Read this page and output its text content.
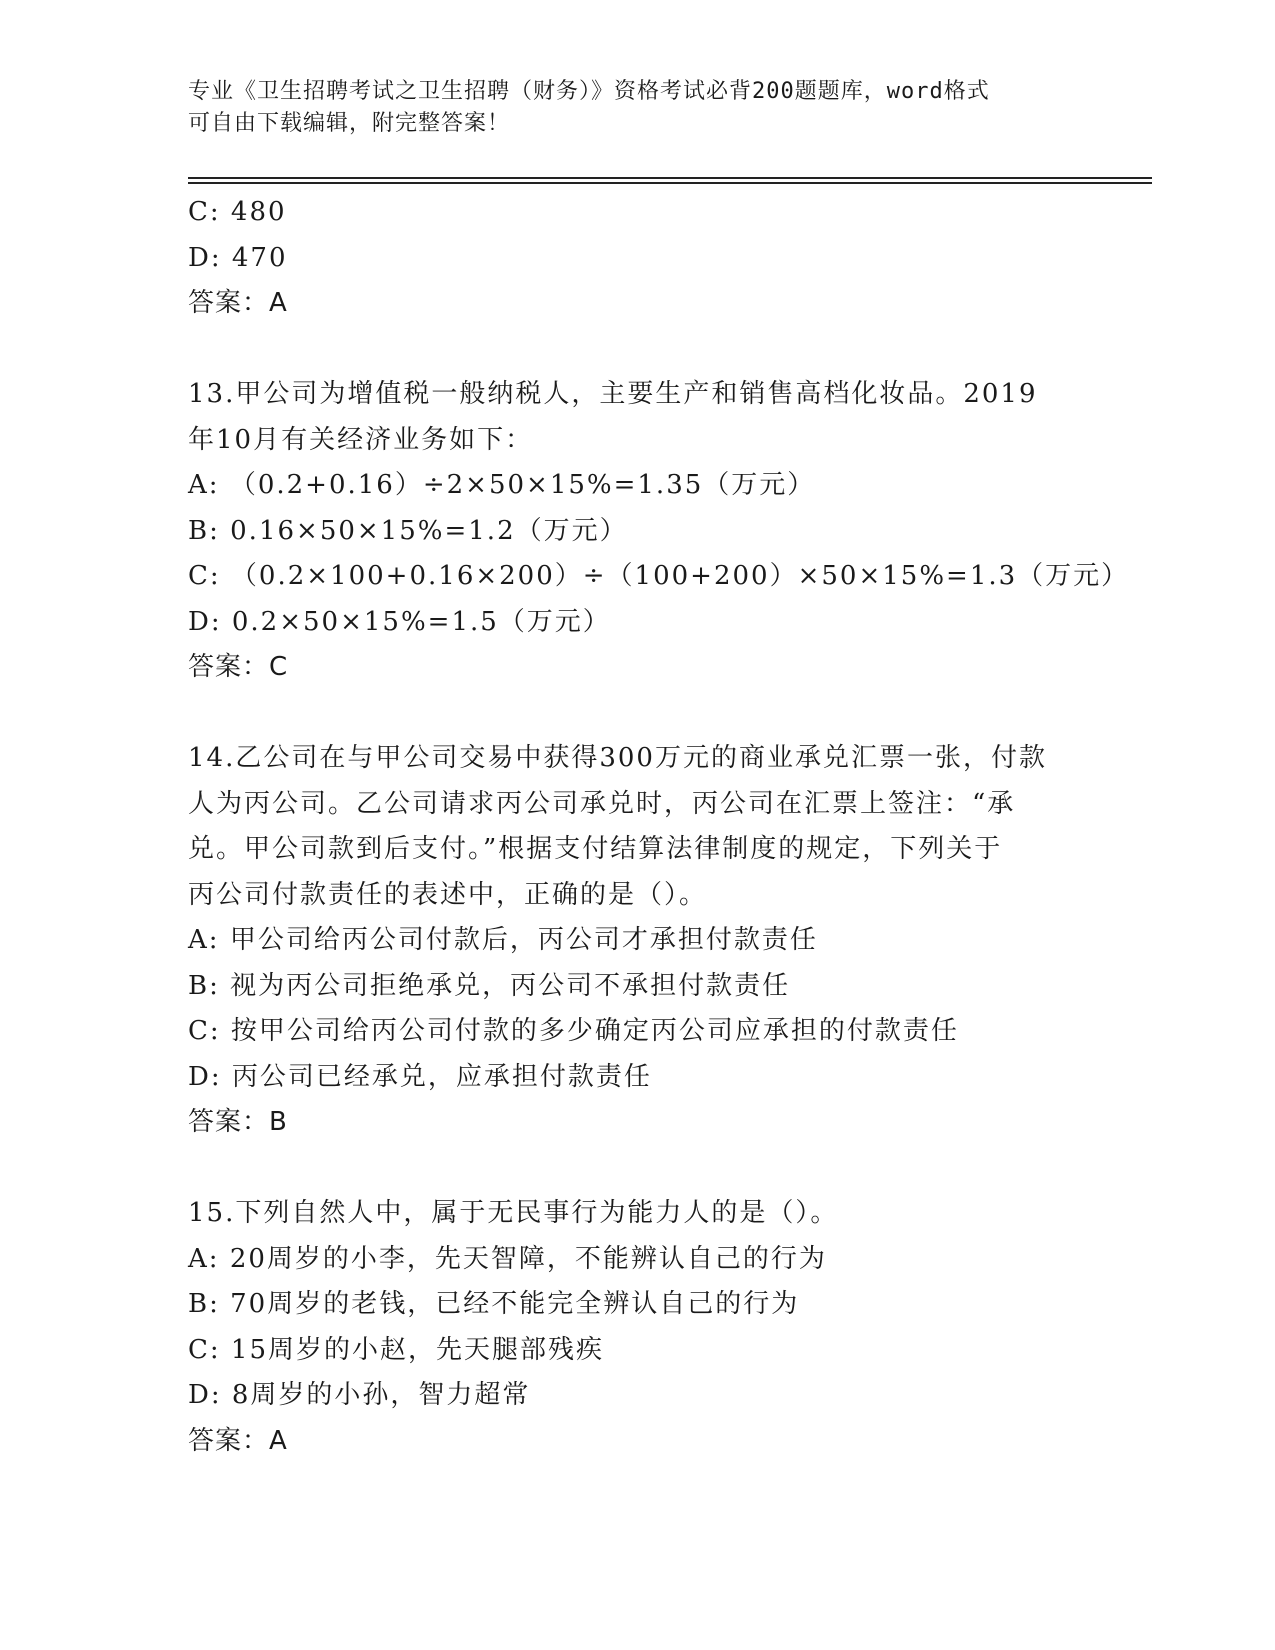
专业《卫生招聘考试之卫生招聘（财务）》资格考试必背200题题库，word格式
可自由下载编辑，附完整答案！
C: 480
D: 470
答案：A
13.甲公司为增值税一般纳税人，主要生产和销售高档化妆品。2019
年10月有关经济业务如下：
A: （0.2+0.16）÷2×50×15%=1.35（万元）
B: 0.16×50×15%=1.2（万元）
C: （0.2×100+0.16×200）÷（100+200）×50×15%=1.3（万元）
D: 0.2×50×15%=1.5（万元）
答案：C
14.乙公司在与甲公司交易中获得300万元的商业承兑汇票一张，付款
人为丙公司。乙公司请求丙公司承兑时，丙公司在汇票上签注：“承
兑。甲公司款到后支付。”根据支付结算法律制度的规定，下列关于
丙公司付款责任的表述中，正确的是（）。
A: 甲公司给丙公司付款后，丙公司才承担付款责任
B: 视为丙公司拒绝承兑，丙公司不承担付款责任
C: 按甲公司给丙公司付款的多少确定丙公司应承担的付款责任
D: 丙公司已经承兑，应承担付款责任
答案：B
15.下列自然人中，属于无民事行为能力人的是（）。
A: 20周岁的小李，先天智障，不能辨认自己的行为
B: 70周岁的老钱，已经不能完全辨认自己的行为
C: 15周岁的小赵，先天腿部残疾
D: 8周岁的小孙，智力超常
答案：A
